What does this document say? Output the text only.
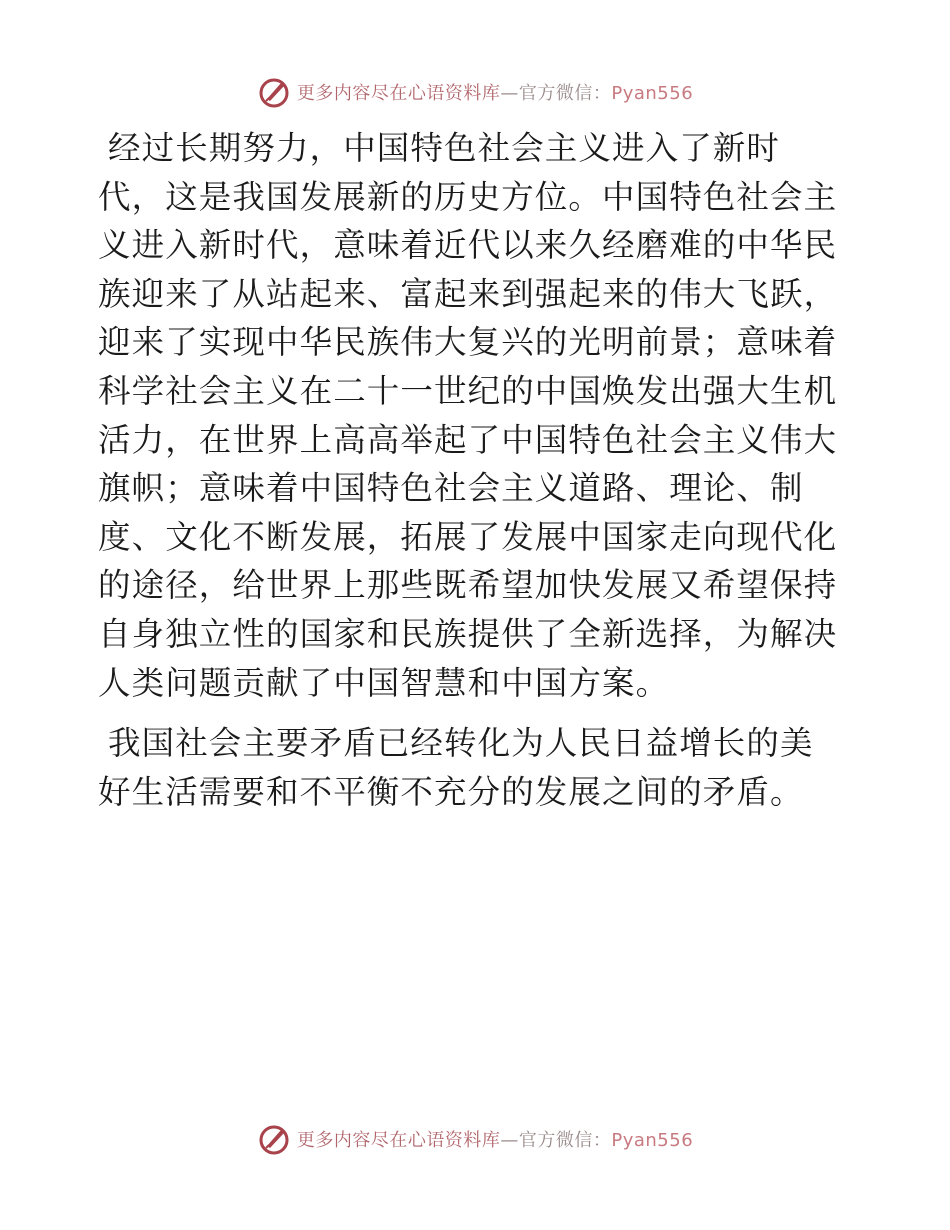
更多内容尽在心语资料库—官方微信：Pyan556

经过长期努力，中国特色社会主义进入了新时
代，这是我国发展新的历史方位。中国特色社会主
义进入新时代，意味着近代以来久经磨难的中华民
族迎来了从站起来、富起来到强起来的伟大飞跃，
迎来了实现中华民族伟大复兴的光明前景；意味着
科学社会主义在二十一世纪的中国焕发出强大生机
活力，在世界上高高举起了中国特色社会主义伟大
旗帜；意味着中国特色社会主义道路、理论、制
度、文化不断发展，拓展了发展中国家走向现代化
的途径，给世界上那些既希望加快发展又希望保持
自身独立性的国家和民族提供了全新选择，为解决
人类问题贡献了中国智慧和中国方案。

我国社会主要矛盾已经转化为人民日益增长的美
好生活需要和不平衡不充分的发展之间的矛盾。

更多内容尽在心语资料库—官方微信：Pyan556
